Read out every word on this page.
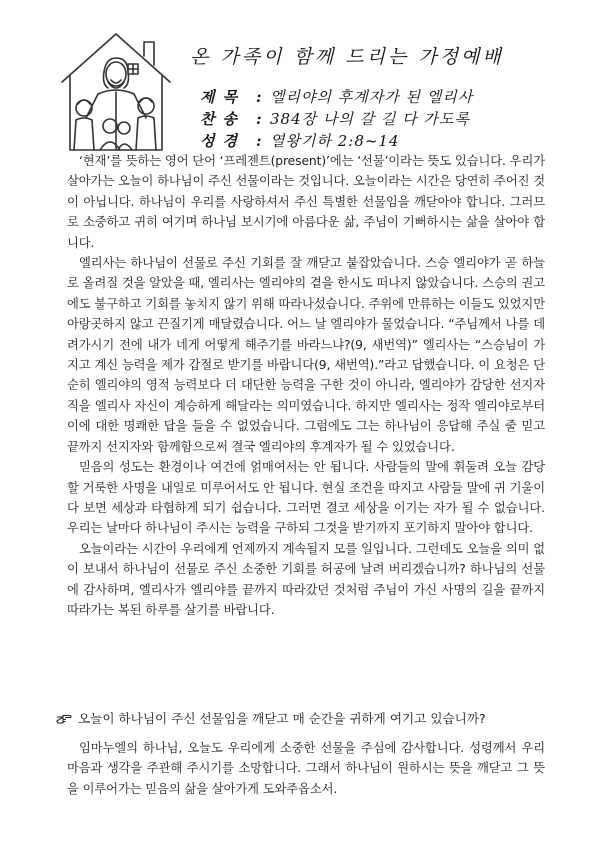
온 가족이 함께 드리는 가정예배
제목 : 엘리야의 후계자가 된 엘리사
찬송 : 384장 나의 갈 길 다 가도록
성경 : 열왕기하 2:8~14

‘현재’를 뜻하는 영어 단어 ‘프레젠트(present)’에는 ‘선물’이라는 뜻도 있습니다. 우리가 살아가는 오늘이 하나님이 주신 선물이라는 것입니다. 오늘이라는 시간은 당연히 주어진 것이 아닙니다. 하나님이 우리를 사랑하셔서 주신 특별한 선물임을 깨닫아야 합니다. 그러므로 소중하고 귀히 여기며 하나님 보시기에 아름다운 삶, 주님이 기뻐하시는 삶을 살아야 합니다.

엘리사는 하나님이 선물로 주신 기회를 잘 깨닫고 붙잡았습니다. 스승 엘리야가 곧 하늘로 올려질 것을 알았을 때, 엘리사는 엘리야의 곁을 한시도 떠나지 않았습니다. 스승의 권고에도 불구하고 기회를 놓치지 않기 위해 따라나섰습니다. 주위에 만류하는 이들도 있었지만 아랑곳하지 않고 끈질기게 매달렸습니다. 어느 날 엘리야가 물었습니다. “주님께서 나를 데려가시기 전에 내가 네게 어떻게 해주기를 바라느냐?(9, 새번역)” 엘리사는 “스승님이 가지고 계신 능력을 제가 갑절로 받기를 바랍니다(9, 새번역).”라고 답했습니다. 이 요청은 단순히 엘리야의 영적 능력보다 더 대단한 능력을 구한 것이 아니라, 엘리야가 감당한 선지자직을 엘리사 자신이 계승하게 해달라는 의미였습니다. 하지만 엘리사는 정작 엘리야로부터 이에 대한 명쾌한 답을 들을 수 없었습니다. 그럼에도 그는 하나님이 응답해 주실 줄 믿고 끝까지 선지자와 함께함으로써 결국 엘리야의 후계자가 될 수 있었습니다.

믿음의 성도는 환경이나 여건에 얽매여서는 안 됩니다. 사람들의 말에 휘둘려 오늘 감당할 거룩한 사명을 내일로 미루어서도 안 됩니다. 현실 조건을 따지고 사람들 말에 귀 기울이다 보면 세상과 타협하게 되기 쉽습니다. 그러면 결코 세상을 이기는 자가 될 수 없습니다. 우리는 날마다 하나님이 주시는 능력을 구하되 그것을 받기까지 포기하지 말아야 합니다.

오늘이라는 시간이 우리에게 언제까지 계속될지 모를 일입니다. 그런데도 오늘을 의미 없이 보내서 하나님이 선물로 주신 소중한 기회를 허공에 날려 버리겠습니까? 하나님의 선물에 감사하며, 엘리사가 엘리야를 끝까지 따라갔던 것처럼 주님이 가신 사명의 길을 끝까지 따라가는 복된 하루를 살기를 바랍니다.

오늘이 하나님이 주신 선물임을 깨닫고 매 순간을 귀하게 여기고 있습니까?

임마누엘의 하나님, 오늘도 우리에게 소중한 선물을 주심에 감사합니다. 성령께서 우리 마음과 생각을 주관해 주시기를 소망합니다. 그래서 하나님이 원하시는 뜻을 깨닫고 그 뜻을 이루어가는 믿음의 삶을 살아가게 도와주옵소서.
